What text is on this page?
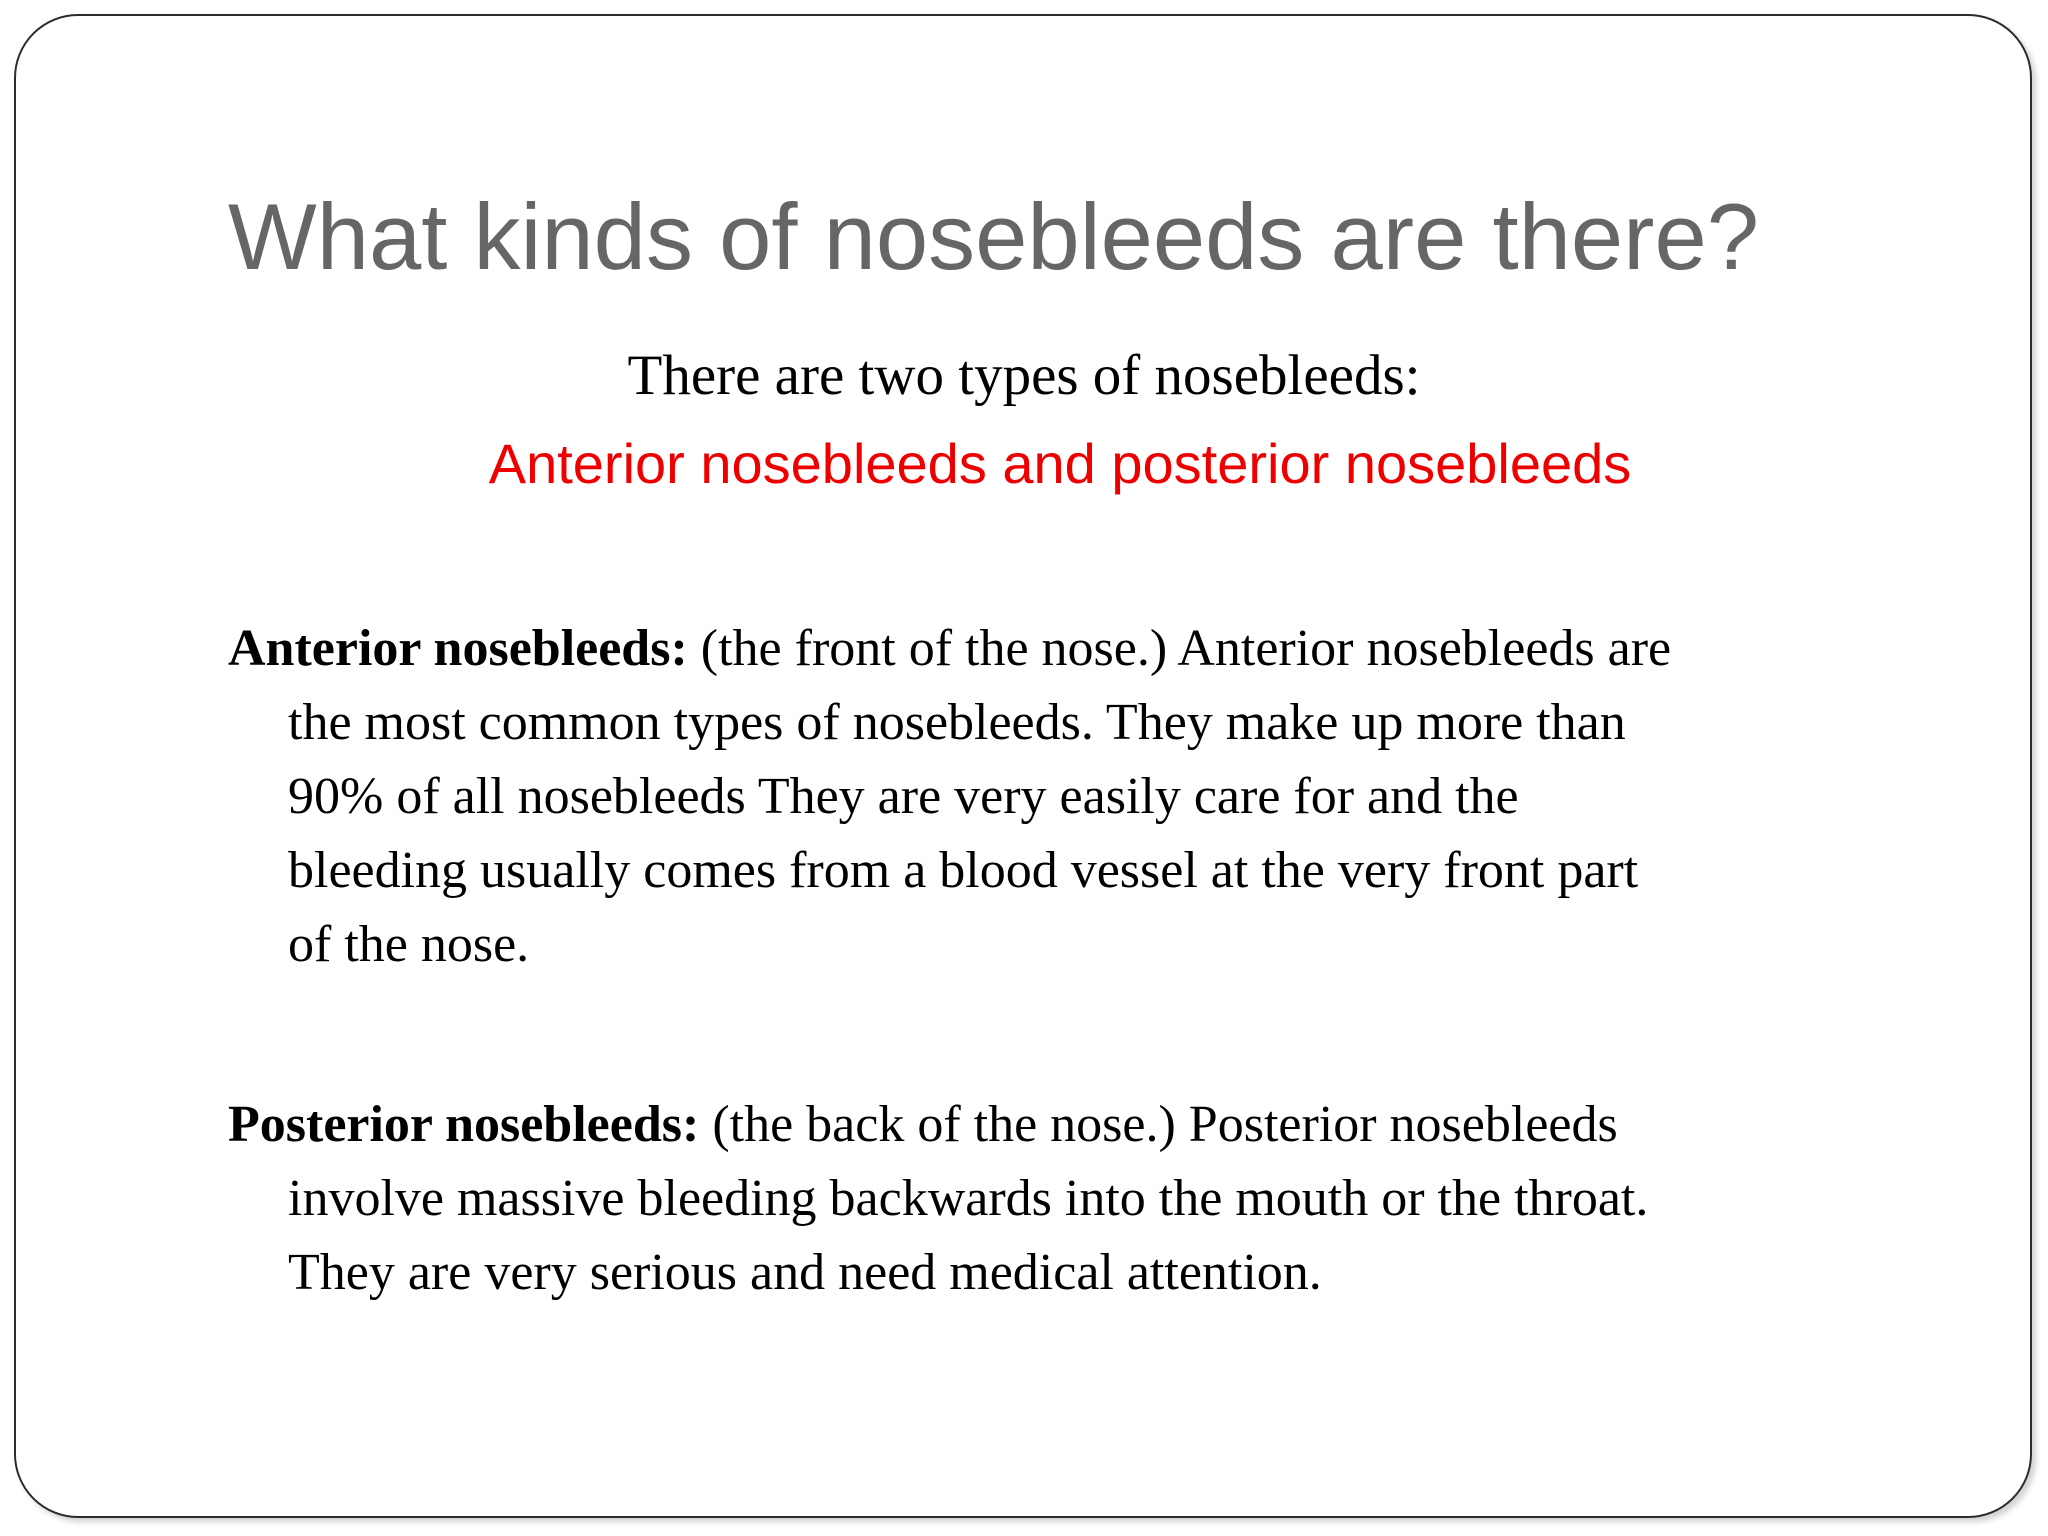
What kinds of nosebleeds are there?
There are two types of nosebleeds:
Anterior nosebleeds and posterior nosebleeds
Anterior nosebleeds: (the front of the nose.) Anterior nosebleeds are
the most common types of nosebleeds. They make up more than
90% of all nosebleeds They are very easily care for and the
bleeding usually comes from a blood vessel at the very front part
of the nose.
Posterior nosebleeds: (the back of the nose.) Posterior nosebleeds
involve massive bleeding backwards into the mouth or the throat.
They are very serious and need medical attention.
